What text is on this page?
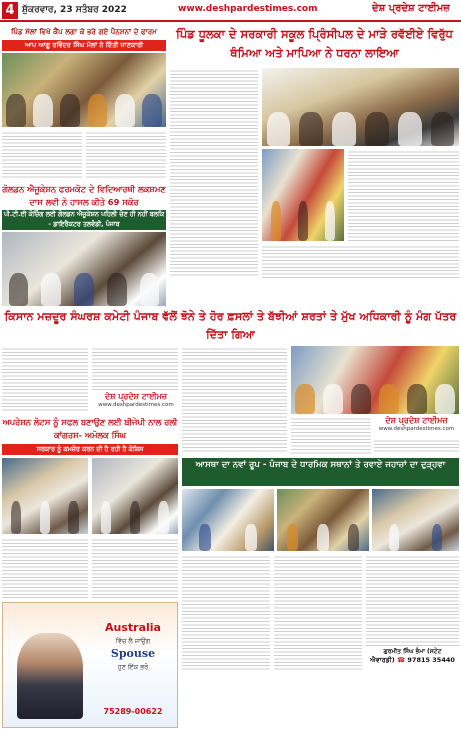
4 ਸ਼ੁੱਕਰਵਾਰ, 23 ਸਤੰਬਰ 2022	www.deshpardestimes.com	ਦੇਸ਼ ਪ੍ਰਦੇਸ਼ ਟਾਈਮਜ਼
ਪਿੰਡ ਮੱਲਾਂ ਵਿਖੇ ਕੈਂਪ ਲਗਾ ਕੇ ਭਰੇ ਗਏ ਪੈਨਸ਼ਨਾਂ ਦੇ ਫਾਰਮ
ਆਪ ਆਗੂ ਰਵਿੰਦਰ ਸਿੰਘ ਮੱਲਾਂ ਨੇ ਦਿੱਤੀ ਜਾਣਕਾਰੀ
ਪਿੰਡ ਧੂਲਕਾ ਦੇ ਸਰਕਾਰੀ ਸਕੂਲ ਪ੍ਰਿੰਸੀਪਲ ਦੇ ਮਾੜੇ ਰਵੱਈਏ ਵਿਰੁੱਧ ਥੰਮਿਆ ਅਤੇ ਮਾਪਿਆ ਨੇ ਧਰਨਾ ਲਾਇਆ
ਗੋਲਡਨ ਐਜੂਕੇਸ਼ਨ ਫਰਮਕੋਟ ਦੇ ਵਿਦਿਆਰਥੀ ਲਕਸ਼ਮਣ ਦਾਸ ਲਵੀ ਨੇ ਹਾਸਲ ਕੀਤੇ 69 ਸਕੋਰ
ਪੀ.ਟੀ.ਈ ਕੋਚਿੰਗ ਲਈ ਗੋਲਡਨ ਐਜੂਕੇਸ਼ਨ ਪਹਿਲੀ ਚੋਣ ਹੀ ਨਹੀਂ ਬਲਕਿ - ਡਾਇਰੈਕਟਰ ਤਲਵੰਡੀ, ਪੰਜਾਬ
ਕਿਸਾਨ ਮਜ਼ਦੂਰ ਸੰਘਰਸ਼ ਕਮੇਟੀ ਪੰਜਾਬ ਵੱਲੋਂ ਝੋਨੇ ਤੇ ਹੋਰ ਫ਼ਸਲਾਂ ਤੇ ਬੱਝੀਆਂ ਸ਼ਰਤਾਂ ਤੇ ਮੁੱਖ ਅਧਿਕਾਰੀ ਨੂੰ ਮੰਗ ਪੱਤਰ ਦਿੱਤਾ ਗਿਆ
ਦੇਸ਼ ਪ੍ਰਦੇਸ਼ ਟਾਈਮਜ਼
www.deshpardestimes.com
ਦੇਸ਼ ਪ੍ਰਦੇਸ਼ ਟਾਈਮਜ਼
www.deshpardestimes.com
ਅਪਰੇਸ਼ਨ ਲੋਟਸ ਨੂੰ ਸਫਲ ਬਣਾਉਣ ਲਈ ਬੀਜੇਪੀ ਨਾਲ ਰਲੀ ਕਾਂਗਰਸ- ਅਮੋਲਕ ਸਿੰਘ
ਸਰਕਾਰ ਨੂੰ ਕਮਜ਼ੋਰ ਕਰਨ ਦੀ ਹੈ ਰਹੀ ਹੈ ਕੋਸ਼ਿਸ
ਆਸਥਾ ਦਾ ਨਵਾਂ ਰੂਪ - ਪੰਜਾਬ ਦੇ ਧਾਰਮਿਕ ਸਥਾਨਾਂ ਤੇ ਰਵਾਏ ਜਹਾਜ਼ਾਂ ਦਾ ਦੁੜ੍ਹਵਾ
ਗੁਰਮੀਤ ਸਿੰਘ ਭੰਮਾ (ਸਟੇਟ
ਐਵਾਰਡੀ) ☎ 97815 35440
Australia
ਵਿੱਚ ਲੈ ਜਾਉਂਗ
Spouse
ਹੁਣ ਇੱਕ ਭਰੋ
75289-00622
